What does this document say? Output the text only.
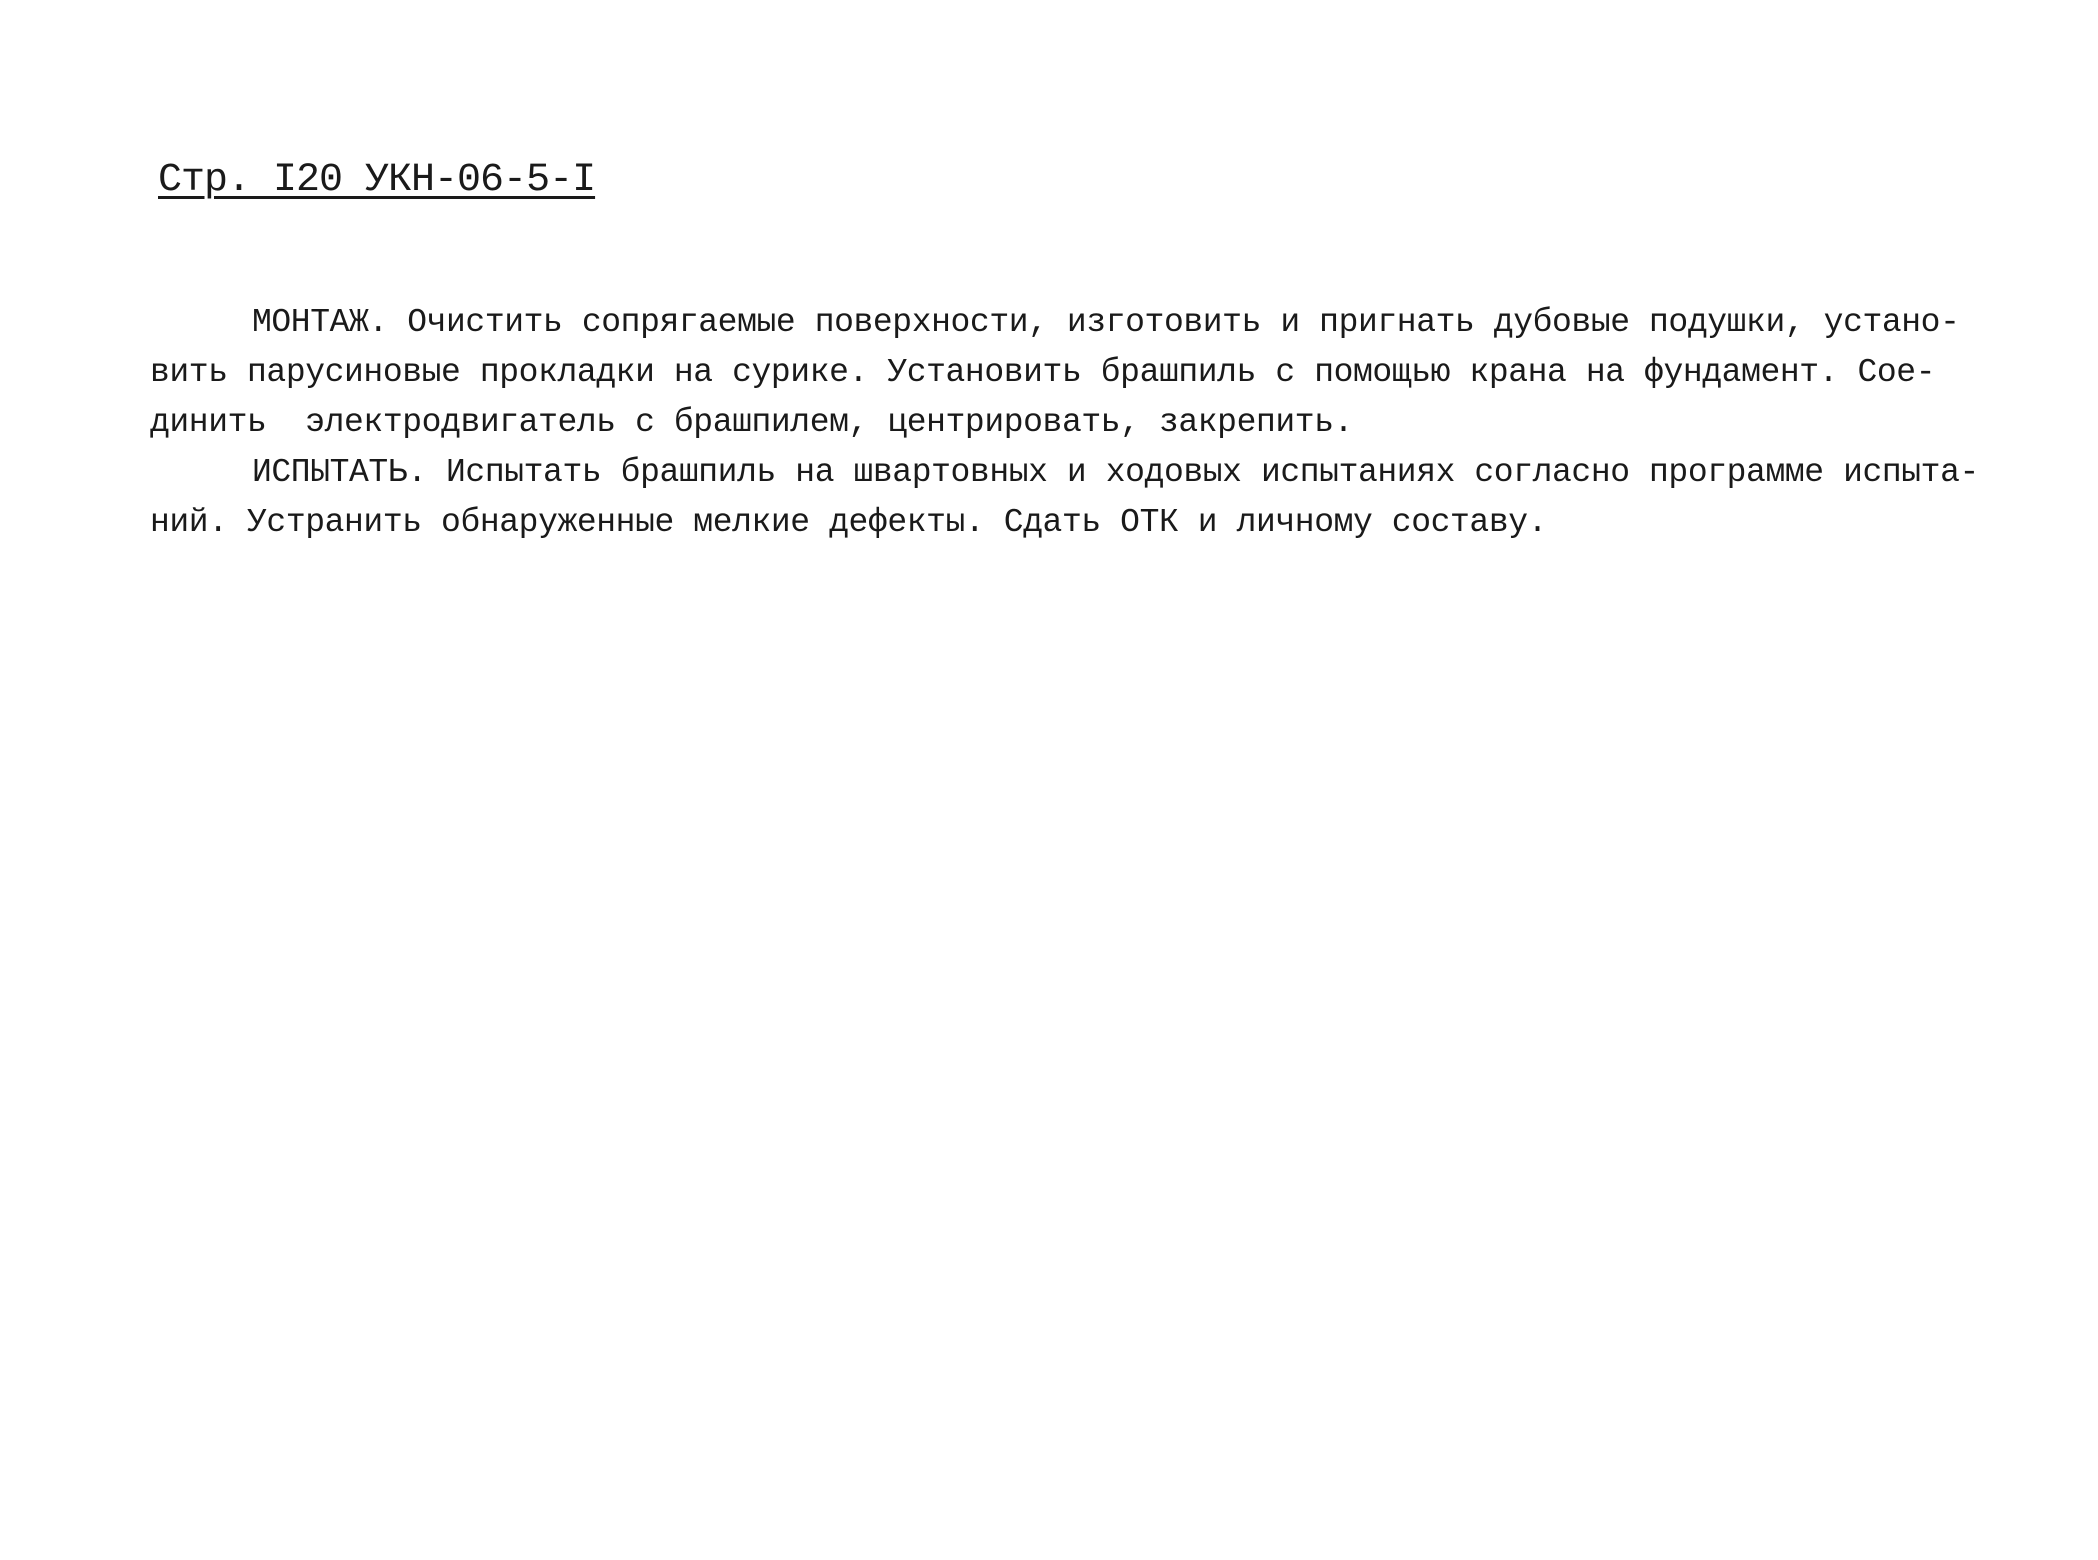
Стр. I20 УКН-06-5-I
МОНТАЖ. Очистить сопрягаемые поверхности, изготовить и пригнать дубовые подушки, устано-
вить парусиновые прокладки на сурике. Установить брашпиль с помощью крана на фундамент. Сое-
динить  электродвигатель с брашпилем, центрировать, закрепить.
ИСПЫТАТЬ. Испытать брашпиль на швартовных и ходовых испытаниях согласно программе испыта-
ний. Устранить обнаруженные мелкие дефекты. Сдать ОТК и личному составу.
